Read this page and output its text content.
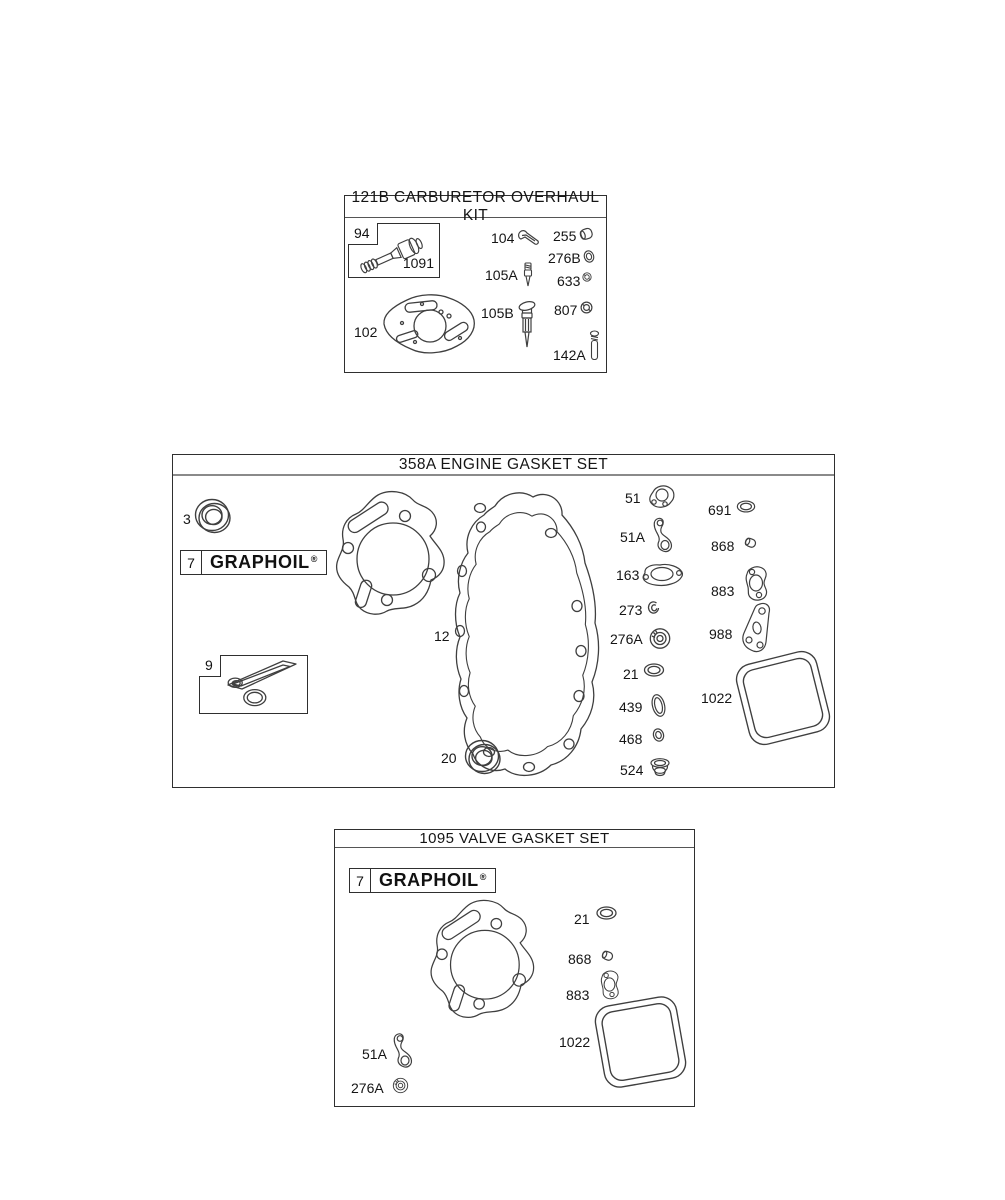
121B CARBURETOR OVERHAUL KIT
94
1091
102
104
105A
105B
255
276B
633
807
142A
358A ENGINE GASKET SET
3
7 GRAPHOIL®
9
12
20
51
51A
163
273
276A
21
439
468
524
691
868
883
988
1022
1095 VALVE GASKET SET
7 GRAPHOIL®
21
868
883
1022
51A
276A
